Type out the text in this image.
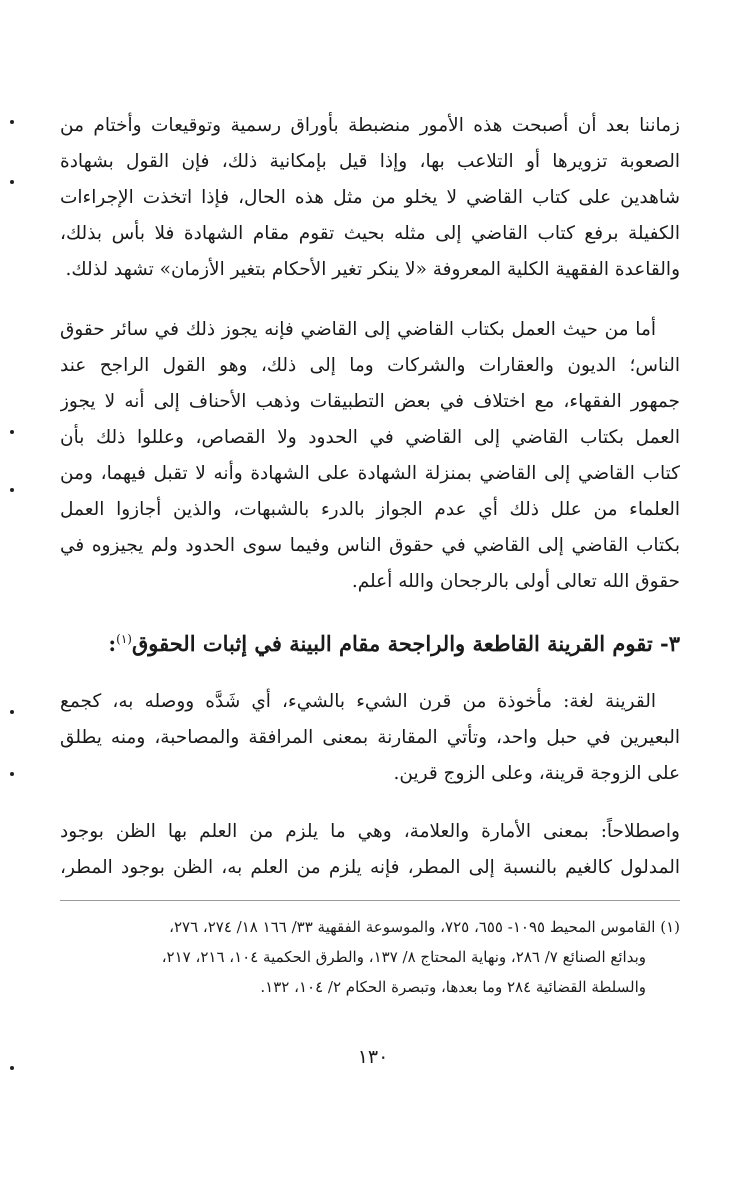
زماننا بعد أن أصبحت هذه الأمور منضبطة بأوراق رسمية وتوقيعات وأختام من
الصعوبة تزويرها أو التلاعب بها، وإذا قيل بإمكانية ذلك، فإن القول بشهادة
شاهدين على كتاب القاضي لا يخلو من مثل هذه الحال، فإذا اتخذت الإجراءات
الكفيلة برفع كتاب القاضي إلى مثله بحيث تقوم مقام الشهادة فلا بأس بذلك،
والقاعدة الفقهية الكلية المعروفة «لا ينكر تغير الأحكام بتغير الأزمان» تشهد لذلك.
أما من حيث العمل بكتاب القاضي إلى القاضي فإنه يجوز ذلك في سائر حقوق
الناس؛ الديون والعقارات والشركات وما إلى ذلك، وهو القول الراجح عند
جمهور الفقهاء، مع اختلاف في بعض التطبيقات وذهب الأحناف إلى أنه لا يجوز
العمل بكتاب القاضي إلى القاضي في الحدود ولا القصاص، وعللوا ذلك بأن
كتاب القاضي إلى القاضي بمنزلة الشهادة على الشهادة وأنه لا تقبل فيهما، ومن
العلماء من علل ذلك أي عدم الجواز بالدرء بالشبهات، والذين أجازوا العمل
بكتاب القاضي إلى القاضي في حقوق الناس وفيما سوى الحدود ولم يجيزوه في
حقوق الله تعالى أولى بالرجحان والله أعلم.
٣- تقوم القرينة القاطعة والراجحة مقام البينة في إثبات الحقوق$^{(١)}$:
القرينة لغة: مأخوذة من قرن الشيء بالشيء، أي شَدَّه ووصله به، كجمع
البعيرين في حبل واحد، وتأتي المقارنة بمعنى المرافقة والمصاحبة، ومنه يطلق
على الزوجة قرينة، وعلى الزوج قرين.
واصطلاحاً: بمعنى الأمارة والعلامة، وهي ما يلزم من العلم بها الظن بوجود
المدلول كالغيم بالنسبة إلى المطر، فإنه يلزم من العلم به، الظن بوجود المطر،
(١) القاموس المحيط ١٠٩٥- ٦٥٥، ٧٢٥، والموسوعة الفقهية ٣٣/ ١٦٦ ١٨/ ٢٧٤، ٢٧٦،
وبدائع الصنائع ٧/ ٢٨٦، ونهاية المحتاج ٨/ ١٣٧، والطرق الحكمية ١٠٤، ٢١٦، ٢١٧،
والسلطة القضائية ٢٨٤ وما بعدها، وتبصرة الحكام ٢/ ١٠٤، ١٣٢.
١٣٠
